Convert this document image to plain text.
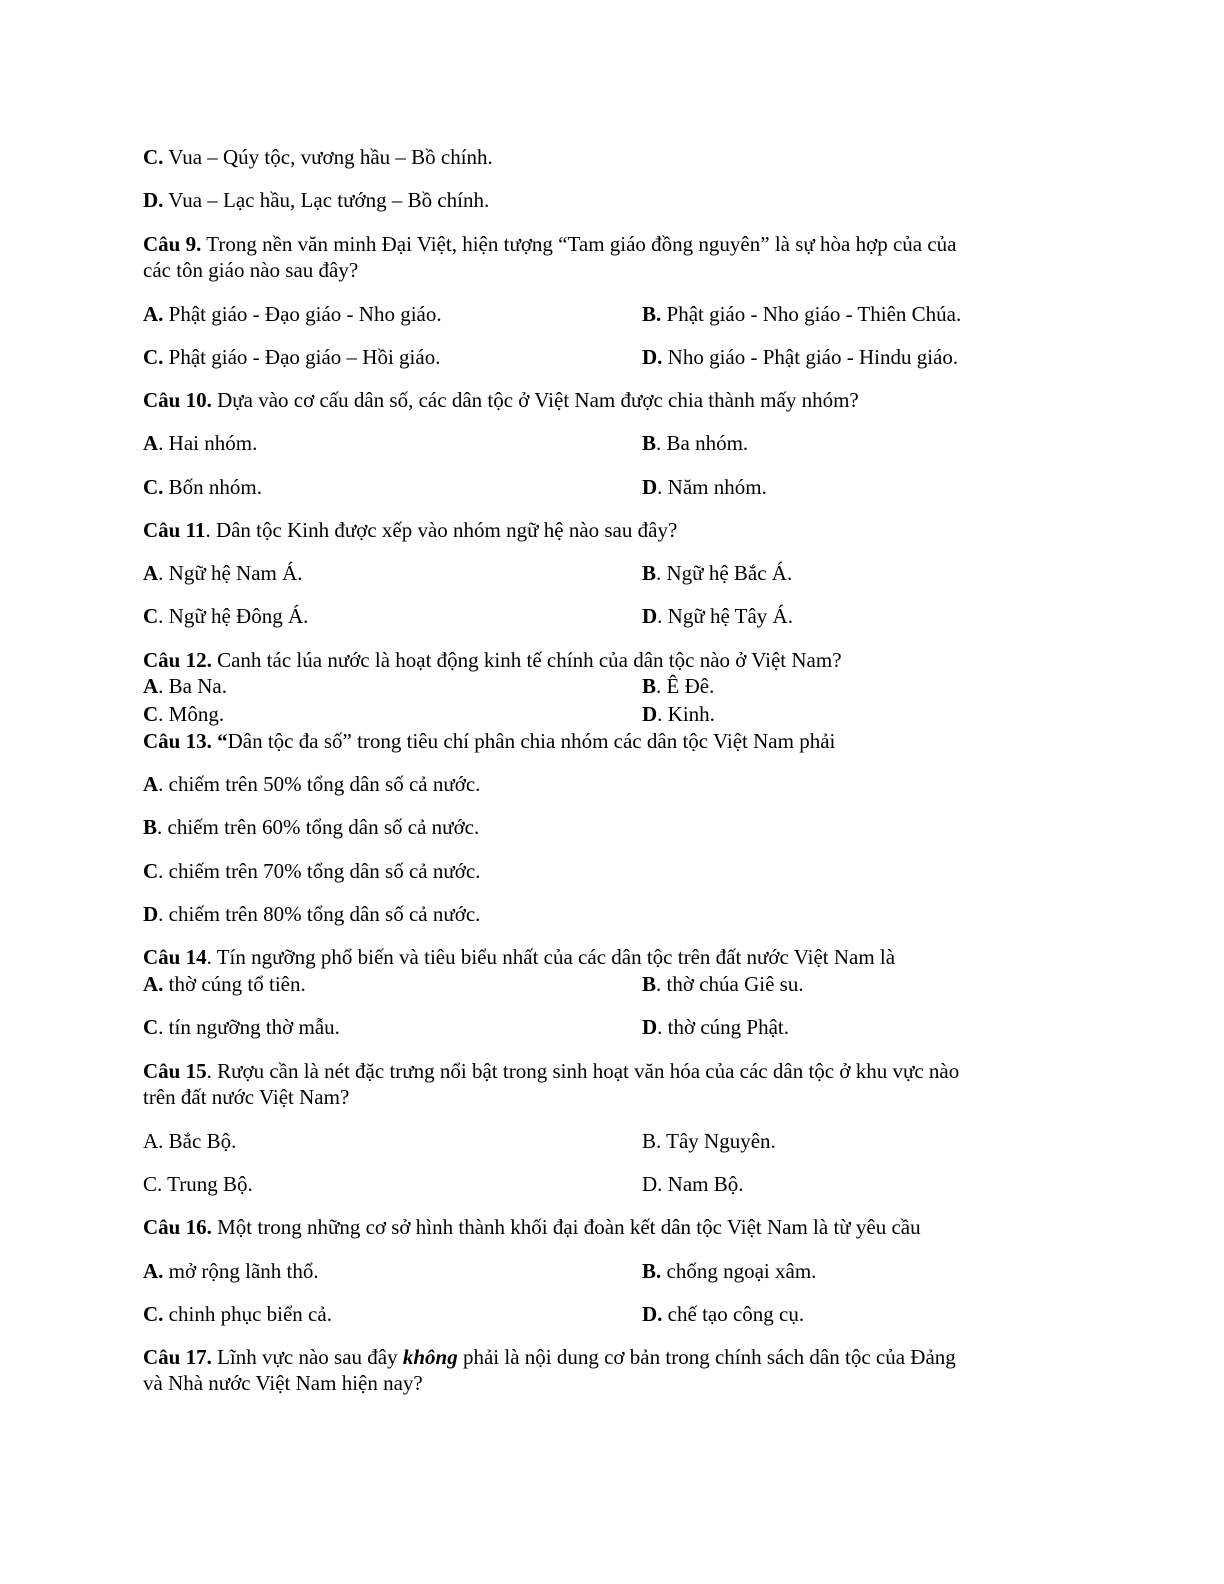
C. Vua – Qúy tộc, vương hầu – Bồ chính.
D. Vua – Lạc hầu, Lạc tướng – Bồ chính.
Câu 9. Trong nền văn minh Đại Việt, hiện tượng “Tam giáo đồng nguyên” là sự hòa hợp của của
các tôn giáo nào sau đây?
A. Phật giáo - Đạo giáo - Nho giáo.	B. Phật giáo - Nho giáo - Thiên Chúa.
C. Phật giáo - Đạo giáo – Hồi giáo.	D. Nho giáo - Phật giáo - Hindu giáo.
Câu 10. Dựa vào cơ cấu dân số, các dân tộc ở Việt Nam được chia thành mấy nhóm?
A. Hai nhóm.	B. Ba nhóm.
C. Bốn nhóm.	D. Năm nhóm.
Câu 11. Dân tộc Kinh được xếp vào nhóm ngữ hệ nào sau đây?
A. Ngữ hệ Nam Á.	B. Ngữ hệ Bắc Á.
C. Ngữ hệ Đông Á.	D. Ngữ hệ Tây Á.
Câu 12. Canh tác lúa nước là hoạt động kinh tế chính của dân tộc nào ở Việt Nam?
A. Ba Na.	B. Ê Đê.
C. Mông.	D. Kinh.
Câu 13. “Dân tộc đa số” trong tiêu chí phân chia nhóm các dân tộc Việt Nam phải
A. chiếm trên 50% tổng dân số cả nước.
B. chiếm trên 60% tổng dân số cả nước.
C. chiếm trên 70% tổng dân số cả nước.
D. chiếm trên 80% tổng dân số cả nước.
Câu 14. Tín ngưỡng phổ biến và tiêu biểu nhất của các dân tộc trên đất nước Việt Nam là
A. thờ cúng tổ tiên.	B. thờ chúa Giê su.
C. tín ngưỡng thờ mẫu.	D. thờ cúng Phật.
Câu 15. Rượu cần là nét đặc trưng nổi bật trong sinh hoạt văn hóa của các dân tộc ở khu vực nào
trên đất nước Việt Nam?
A. Bắc Bộ.	B. Tây Nguyên.
C. Trung Bộ.	D. Nam Bộ.
Câu 16. Một trong những cơ sở hình thành khối đại đoàn kết dân tộc Việt Nam là từ yêu cầu
A. mở rộng lãnh thổ.	B. chống ngoại xâm.
C. chinh phục biển cả.	D. chế tạo công cụ.
Câu 17. Lĩnh vực nào sau đây không phải là nội dung cơ bản trong chính sách dân tộc của Đảng
và Nhà nước Việt Nam hiện nay?
